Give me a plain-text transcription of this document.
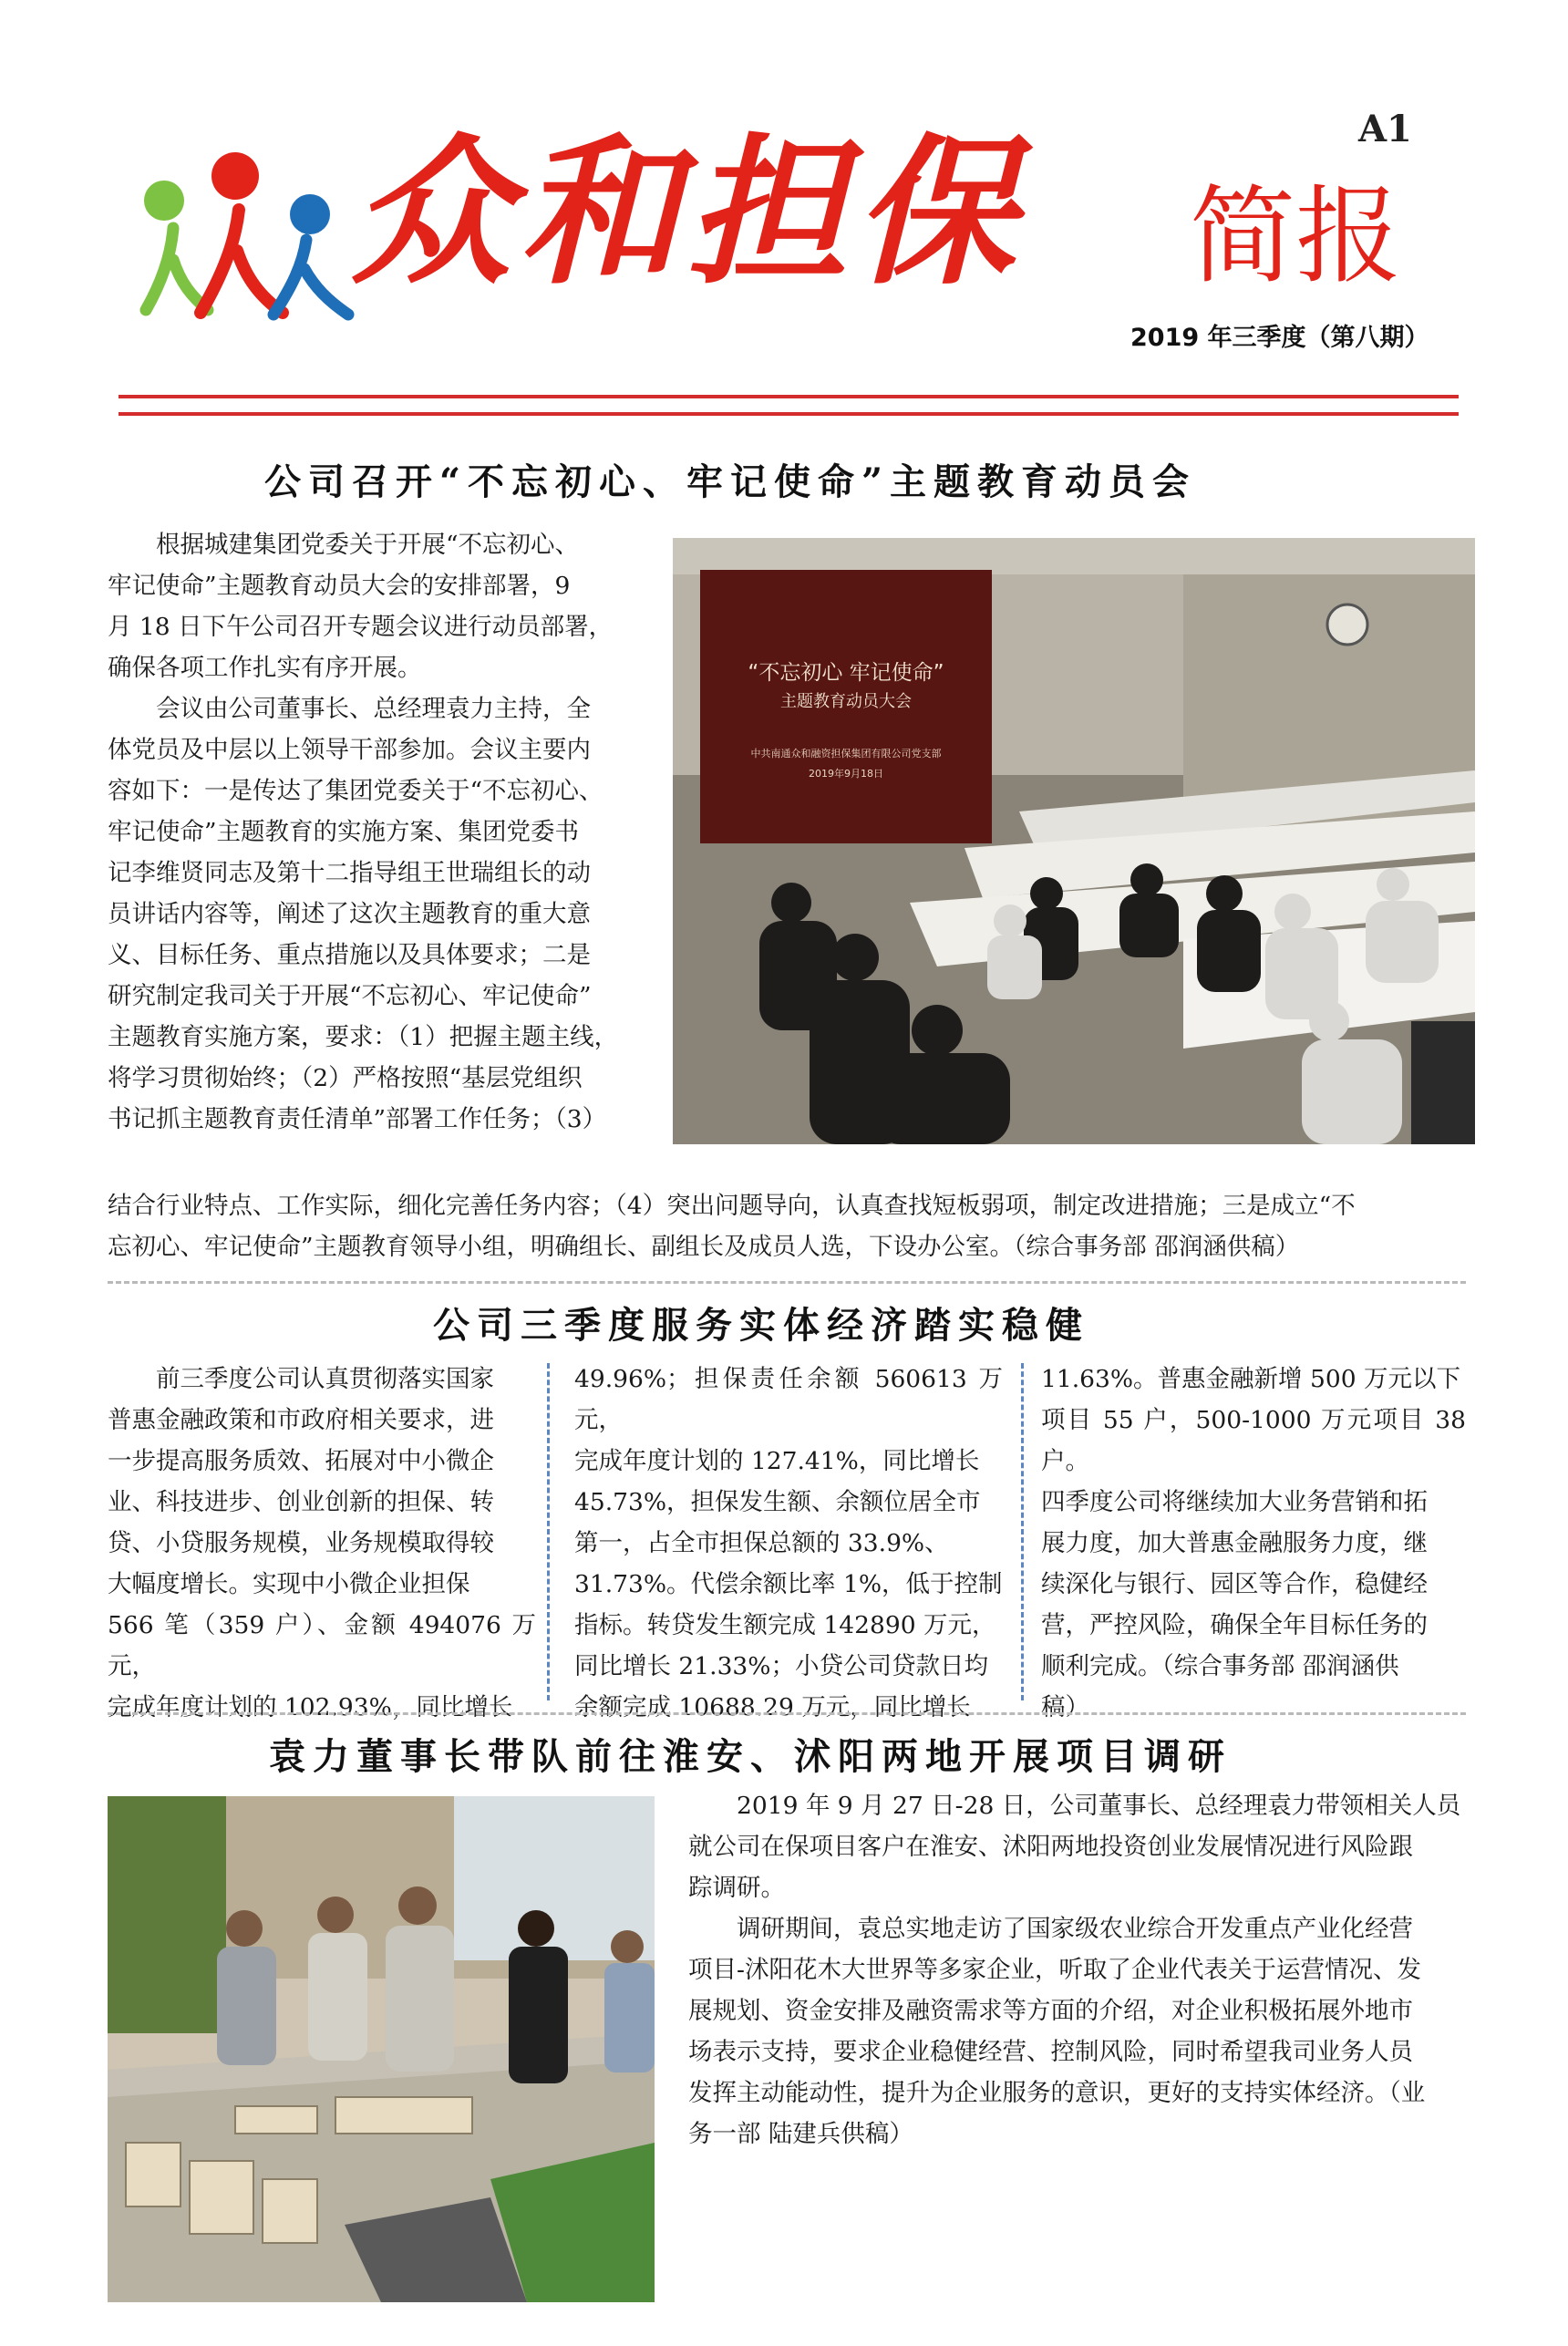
众和担保 简报
A1
2019 年三季度（第八期）
公司召开“不忘初心、牢记使命”主题教育动员会

根据城建集团党委关于开展“不忘初心、

牢记使命”主题教育动员大会的安排部署，9

月 18 日下午公司召开专题会议进行动员部署，

确保各项工作扎实有序开展。

会议由公司董事长、总经理袁力主持，全

体党员及中层以上领导干部参加。会议主要内

容如下：一是传达了集团党委关于“不忘初心、

牢记使命”主题教育的实施方案、集团党委书

记李维贤同志及第十二指导组王世瑞组长的动

员讲话内容等，阐述了这次主题教育的重大意

义、目标任务、重点措施以及具体要求；二是

研究制定我司关于开展“不忘初心、牢记使命”

主题教育实施方案，要求：（1）把握主题主线，

将学习贯彻始终；（2）严格按照“基层党组织

书记抓主题教育责任清单”部署工作任务；（3）

“不忘初心 牢记使命”
主题教育动员大会
中共南通众和融资担保集团有限公司党支部
2019年9月18日

结合行业特点、工作实际，细化完善任务内容；（4）突出问题导向，认真查找短板弱项，制定改进措施；三是成立“不

忘初心、牢记使命”主题教育领导小组，明确组长、副组长及成员人选，下设办公室。（综合事务部 邵润涵供稿）

公司三季度服务实体经济踏实稳健

前三季度公司认真贯彻落实国家

普惠金融政策和市政府相关要求，进

一步提高服务质效、拓展对中小微企

业、科技进步、创业创新的担保、转

贷、小贷服务规模，业务规模取得较

大幅度增长。实现中小微企业担保

566 笔（359 户）、金额 494076 万元，

完成年度计划的 102.93%，同比增长

49.96%；担保责任余额 560613 万元，

完成年度计划的 127.41%，同比增长

45.73%，担保发生额、余额位居全市

第一，占全市担保总额的 33.9%、

31.73%。代偿余额比率 1%，低于控制

指标。转贷发生额完成 142890 万元，

同比增长 21.33%；小贷公司贷款日均

余额完成 10688.29 万元，同比增长

11.63%。普惠金融新增 500 万元以下

项目 55 户，500-1000 万元项目 38 户。

四季度公司将继续加大业务营销和拓

展力度，加大普惠金融服务力度，继

续深化与银行、园区等合作，稳健经

营，严控风险，确保全年目标任务的

顺利完成。（综合事务部 邵润涵供

稿）

袁力董事长带队前往淮安、沭阳两地开展项目调研

2019 年 9 月 27 日-28 日，公司董事长、总经理袁力带领相关人员

就公司在保项目客户在淮安、沭阳两地投资创业发展情况进行风险跟

踪调研。

调研期间，袁总实地走访了国家级农业综合开发重点产业化经营

项目-沭阳花木大世界等多家企业，听取了企业代表关于运营情况、发

展规划、资金安排及融资需求等方面的介绍，对企业积极拓展外地市

场表示支持，要求企业稳健经营、控制风险，同时希望我司业务人员

发挥主动能动性，提升为企业服务的意识，更好的支持实体经济。（业

务一部 陆建兵供稿）
